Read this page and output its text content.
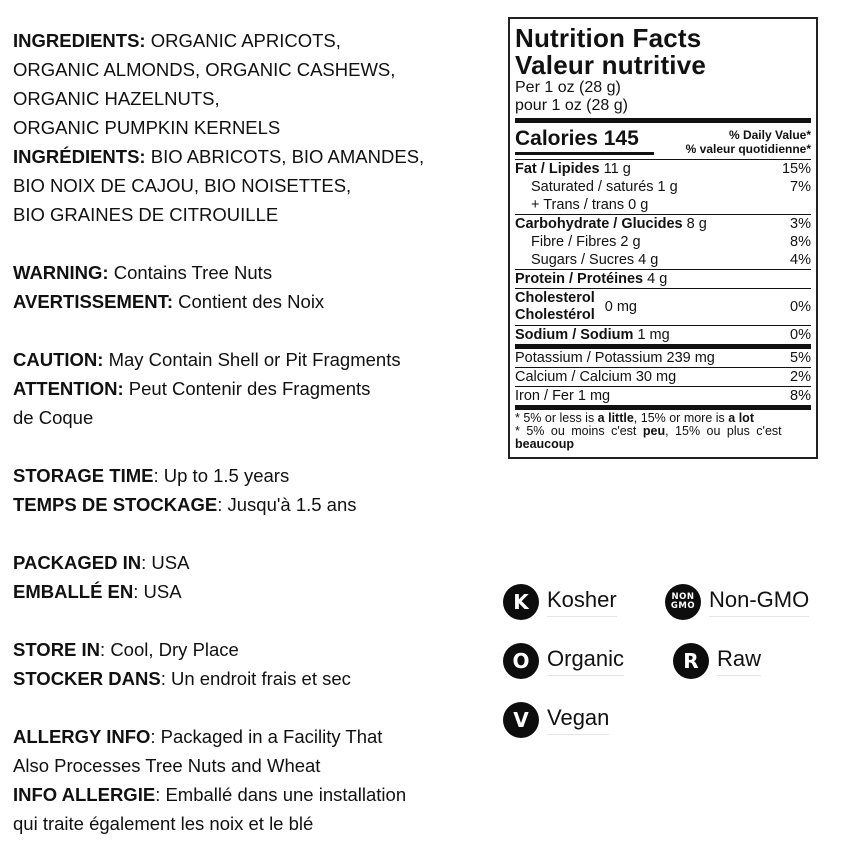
INGREDIENTS: ORGANIC APRICOTS,
ORGANIC ALMONDS, ORGANIC CASHEWS,
ORGANIC HAZELNUTS,
ORGANIC PUMPKIN KERNELS
INGRÉDIENTS: BIO ABRICOTS, BIO AMANDES,
BIO NOIX DE CAJOU, BIO NOISETTES,
BIO GRAINES DE CITROUILLE
WARNING: Contains Tree Nuts
AVERTISSEMENT: Contient des Noix
CAUTION: May Contain Shell or Pit Fragments
ATTENTION: Peut Contenir des Fragments
de Coque
STORAGE TIME: Up to 1.5 years
TEMPS DE STOCKAGE: Jusqu'à 1.5 ans
PACKAGED IN: USA
EMBALLÉ EN: USA
STORE IN: Cool, Dry Place
STOCKER DANS: Un endroit frais et sec
ALLERGY INFO: Packaged in a Facility That
Also Processes Tree Nuts and Wheat
INFO ALLERGIE: Emballé dans une installation
qui traite également les noix et le blé
Nutrition Facts
Valeur nutritive
Per 1 oz (28 g)
pour 1 oz (28 g)
Calories 145	% Daily Value*
% valeur quotidienne*
Fat / Lipides 11 g	15%
Saturated / saturés 1 g	7%
+ Trans / trans 0 g
Carbohydrate / Glucides 8 g	3%
Fibre / Fibres 2 g	8%
Sugars / Sucres 4 g	4%
Protein / Protéines 4 g
Cholesterol
Cholestérol 0 mg	0%
Sodium / Sodium 1 mg	0%
Potassium / Potassium 239 mg	5%
Calcium / Calcium 30 mg	2%
Iron / Fer 1 mg	8%
* 5% or less is a little, 15% or more is a lot
* 5% ou moins c'est peu, 15% ou plus c'est
beaucoup
K Kosher	NON
GMO Non-GMO
O Organic	R Raw
V Vegan
